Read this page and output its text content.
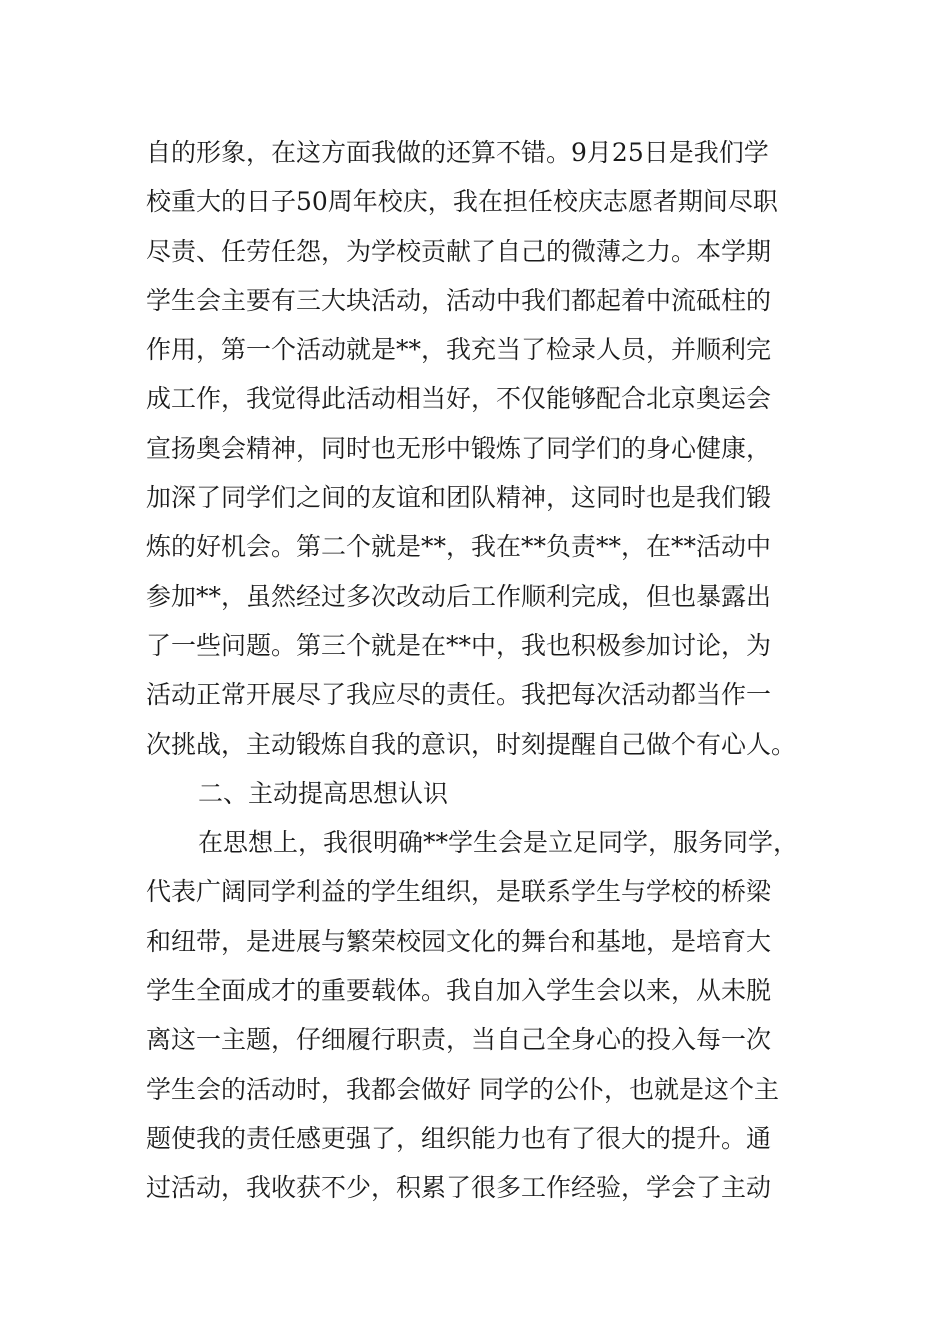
自的形象，在这方面我做的还算不错。9月25日是我们学
校重大的日子50周年校庆，我在担任校庆志愿者期间尽职
尽责、任劳任怨，为学校贡献了自己的微薄之力。本学期
学生会主要有三大块活动，活动中我们都起着中流砥柱的
作用，第一个活动就是**，我充当了检录人员，并顺利完
成工作，我觉得此活动相当好，不仅能够配合北京奥运会
宣扬奥会精神，同时也无形中锻炼了同学们的身心健康，
加深了同学们之间的友谊和团队精神，这同时也是我们锻
炼的好机会。第二个就是**，我在**负责**，在**活动中
参加**，虽然经过多次改动后工作顺利完成，但也暴露出
了一些问题。第三个就是在**中，我也积极参加讨论，为
活动正常开展尽了我应尽的责任。我把每次活动都当作一
次挑战，主动锻炼自我的意识，时刻提醒自己做个有心人。
二、主动提高思想认识
在思想上，我很明确**学生会是立足同学，服务同学，
代表广阔同学利益的学生组织，是联系学生与学校的桥梁
和纽带，是进展与繁荣校园文化的舞台和基地，是培育大
学生全面成才的重要载体。我自加入学生会以来，从未脱
离这一主题，仔细履行职责，当自己全身心的投入每一次
学生会的活动时，我都会做好 同学的公仆，也就是这个主
题使我的责任感更强了，组织能力也有了很大的提升。通
过活动，我收获不少，积累了很多工作经验，学会了主动
